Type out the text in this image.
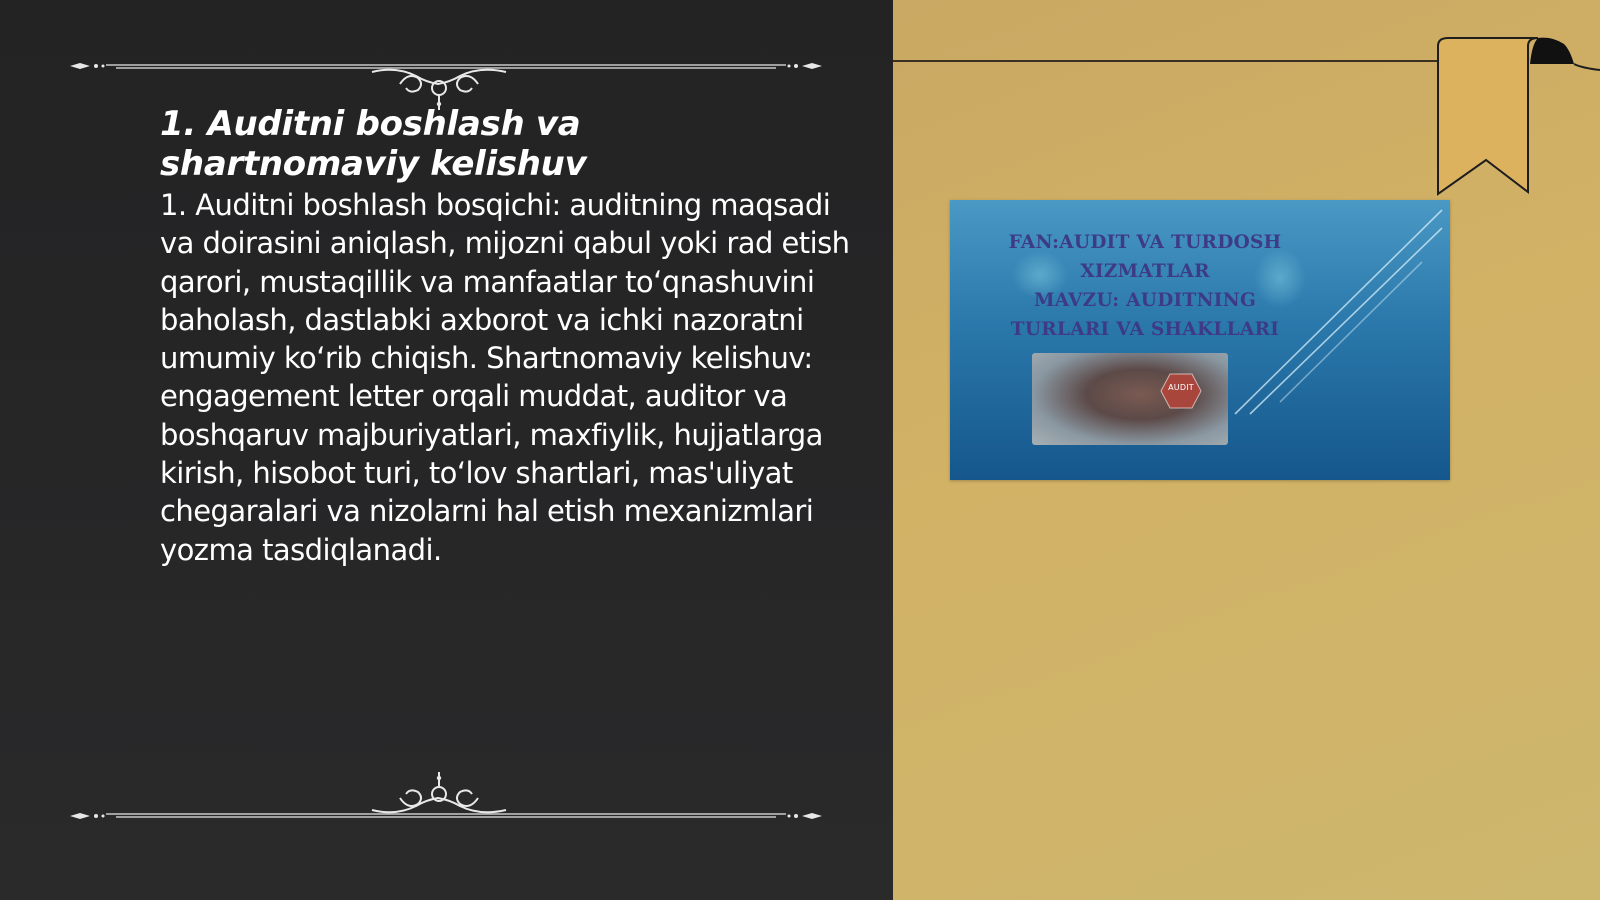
1. Auditni boshlash va shartnomaviy kelishuv

1. Auditni boshlash bosqichi: auditning maqsadi va doirasini aniqlash, mijozni qabul yoki rad etish qarori, mustaqillik va manfaatlar to‘qnashuvini baholash, dastlabki axborot va ichki nazoratni umumiy ko‘rib chiqish. Shartnomaviy kelishuv: engagement letter orqali muddat, auditor va boshqaruv majburiyatlari, maxfiylik, hujjatlarga kirish, hisobot turi, to‘lov shartlari, mas'uliyat chegaralari va nizolarni hal etish mexanizmlari yozma tasdiqlanadi.

FAN:AUDIT VA TURDOSH
XIZMATLAR
MAVZU: AUDITNING
TURLARI VA SHAKLLARI
AUDIT
